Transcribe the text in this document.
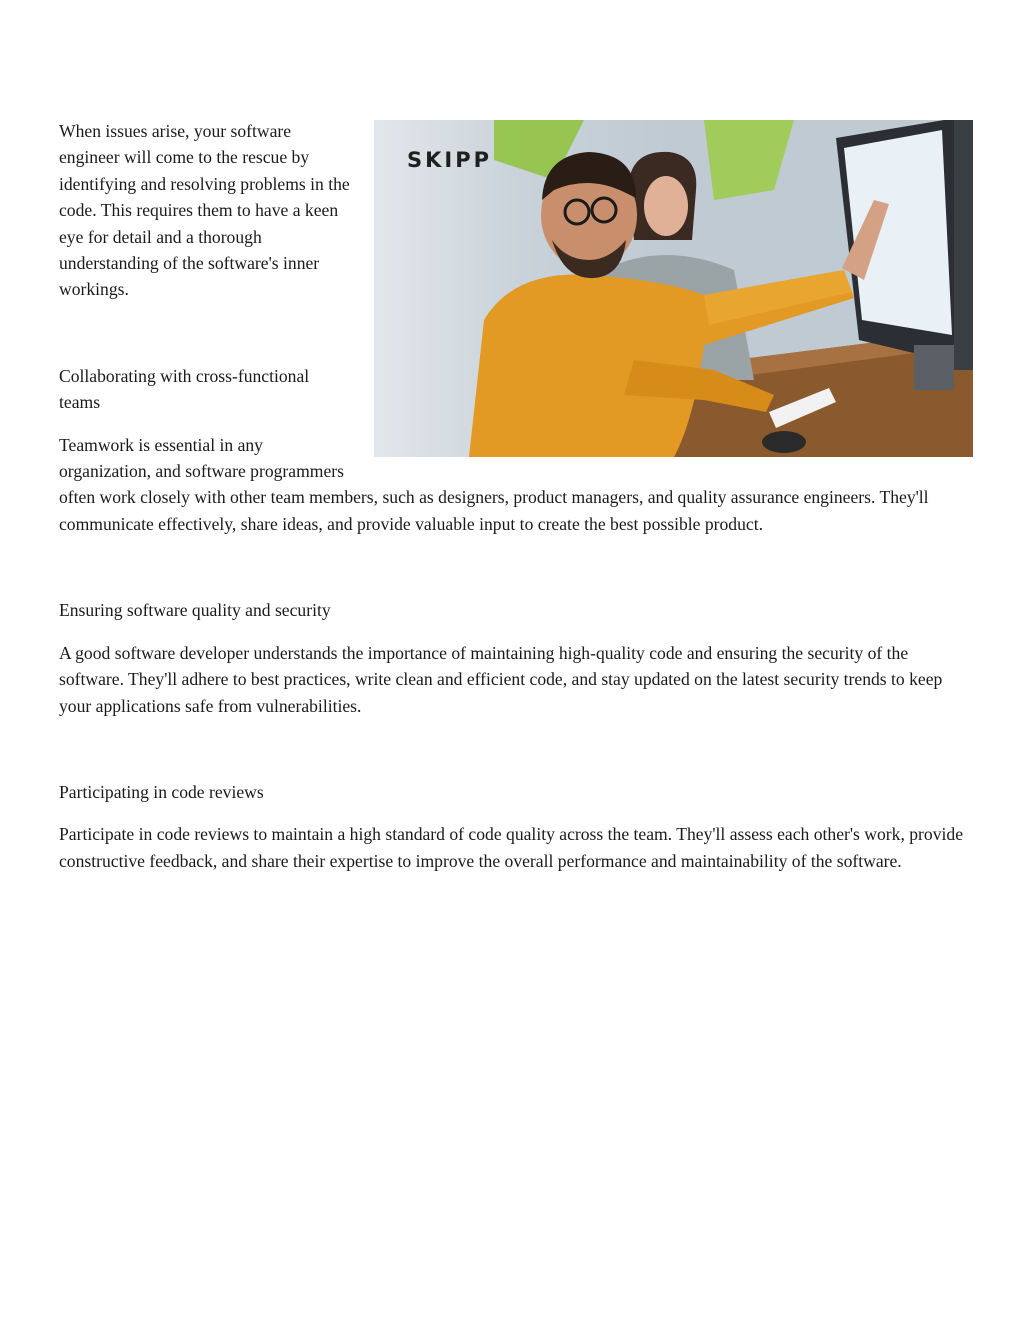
SKIPP

When issues arise, your software engineer will come to the rescue by identifying and resolving problems in the code. This requires them to have a keen eye for detail and a thorough understanding of the software's inner workings.

Collaborating with cross-functional teams

Teamwork is essential in any organization, and software programmers often work closely with other team members, such as designers, product managers, and quality assurance engineers. They'll communicate effectively, share ideas, and provide valuable input to create the best possible product.

Ensuring software quality and security

A good software developer understands the importance of maintaining high-quality code and ensuring the security of the software. They'll adhere to best practices, write clean and efficient code, and stay updated on the latest security trends to keep your applications safe from vulnerabilities.

Participating in code reviews

Participate in code reviews to maintain a high standard of code quality across the team. They'll assess each other's work, provide constructive feedback, and share their expertise to improve the overall performance and maintainability of the software.
